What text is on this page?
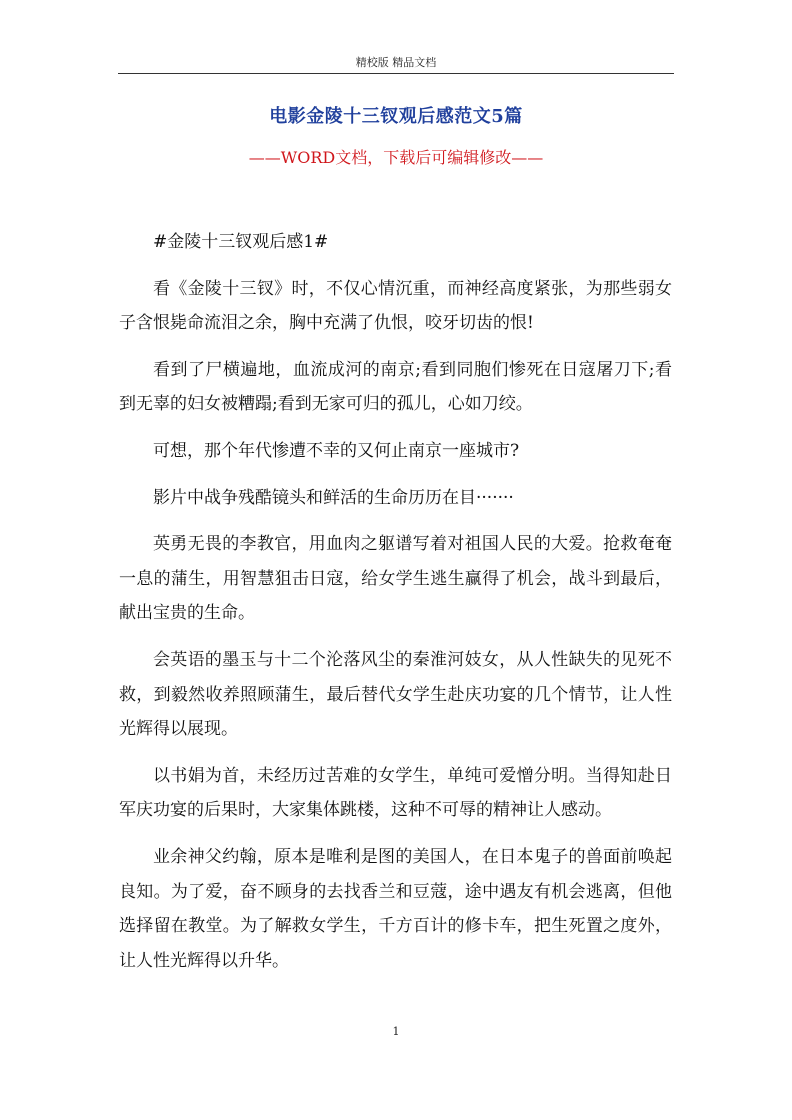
精校版 精品文档
电影金陵十三钗观后感范文5篇
——WORD文档，下载后可编辑修改——

#金陵十三钗观后感1#

看《金陵十三钗》时，不仅心情沉重，而神经高度紧张，为那些弱女子含恨毙命流泪之余，胸中充满了仇恨，咬牙切齿的恨!

看到了尸横遍地，血流成河的南京;看到同胞们惨死在日寇屠刀下;看到无辜的妇女被糟蹋;看到无家可归的孤儿，心如刀绞。

可想，那个年代惨遭不幸的又何止南京一座城市?

影片中战争残酷镜头和鲜活的生命历历在目·······

英勇无畏的李教官，用血肉之躯谱写着对祖国人民的大爱。抢救奄奄一息的蒲生，用智慧狙击日寇，给女学生逃生赢得了机会，战斗到最后，献出宝贵的生命。

会英语的墨玉与十二个沦落风尘的秦淮河妓女，从人性缺失的见死不救，到毅然收养照顾蒲生，最后替代女学生赴庆功宴的几个情节，让人性光辉得以展现。

以书娟为首，未经历过苦难的女学生，单纯可爱憎分明。当得知赴日军庆功宴的后果时，大家集体跳楼，这种不可辱的精神让人感动。

业余神父约翰，原本是唯利是图的美国人，在日本鬼子的兽面前唤起良知。为了爱，奋不顾身的去找香兰和豆蔻，途中遇友有机会逃离，但他选择留在教堂。为了解救女学生，千方百计的修卡车，把生死置之度外，让人性光辉得以升华。

1
